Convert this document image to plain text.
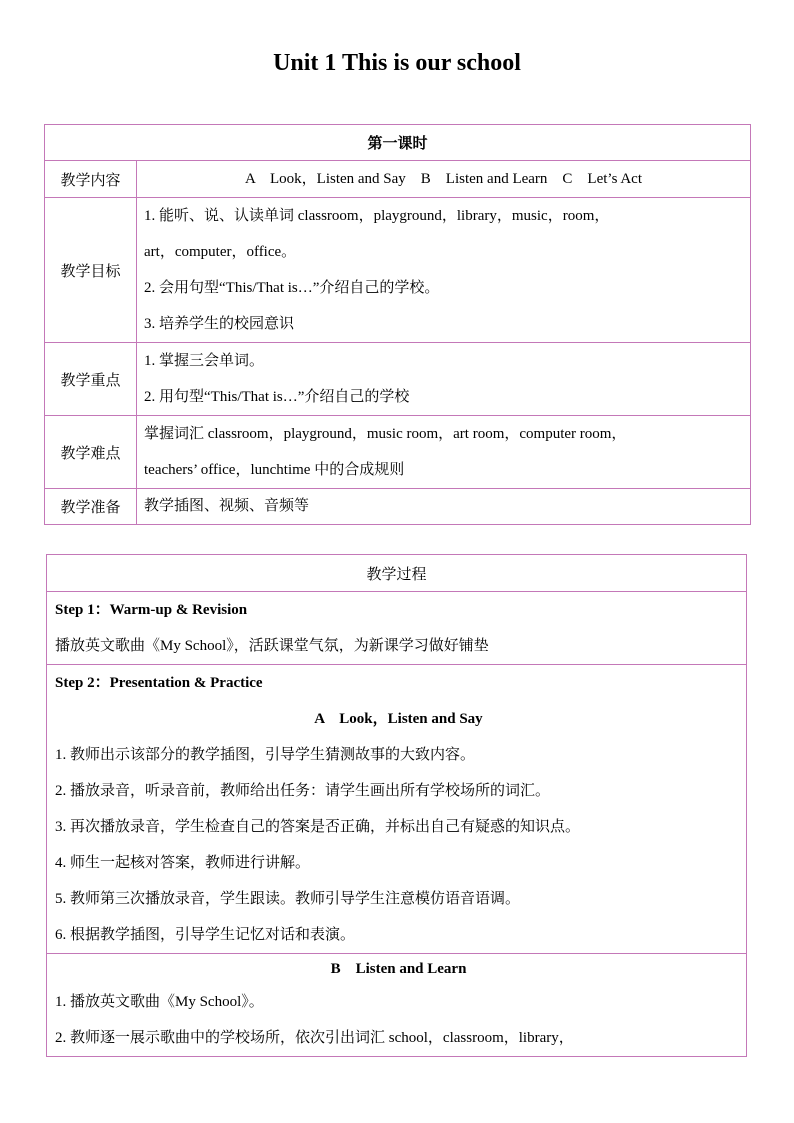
Unit 1 This is our school
第一课时	
教学内容	A　Look，Listen and Say　B　Listen and Learn　C　Let’s Act

教学目标	1. 能听、说、认读单词 classroom，playground，library，music，room，
art，computer，office。
2. 会用句型“This/That is…”介绍自己的学校。
3. 培养学生的校园意识

教学重点	1. 掌握三会单词。
2. 用句型“This/That is…”介绍自己的学校

教学难点	掌握词汇 classroom，playground，music room，art room，computer room，
teachers’ office，lunchtime 中的合成规则

教学准备	教学插图、视频、音频等
教学过程

Step 1：Warm-up & Revision
播放英文歌曲《My School》，活跃课堂气氛，为新课学习做好铺垫

Step 2：Presentation & Practice
A　Look，Listen and Say
1. 教师出示该部分的教学插图，引导学生猜测故事的大致内容。
2. 播放录音，听录音前，教师给出任务：请学生画出所有学校场所的词汇。
3. 再次播放录音，学生检查自己的答案是否正确，并标出自己有疑惑的知识点。
4. 师生一起核对答案，教师进行讲解。
5. 教师第三次播放录音，学生跟读。教师引导学生注意模仿语音语调。
6. 根据教学插图，引导学生记忆对话和表演。

B　Listen and Learn
1. 播放英文歌曲《My School》。
2. 教师逐一展示歌曲中的学校场所，依次引出词汇 school，classroom，library，
